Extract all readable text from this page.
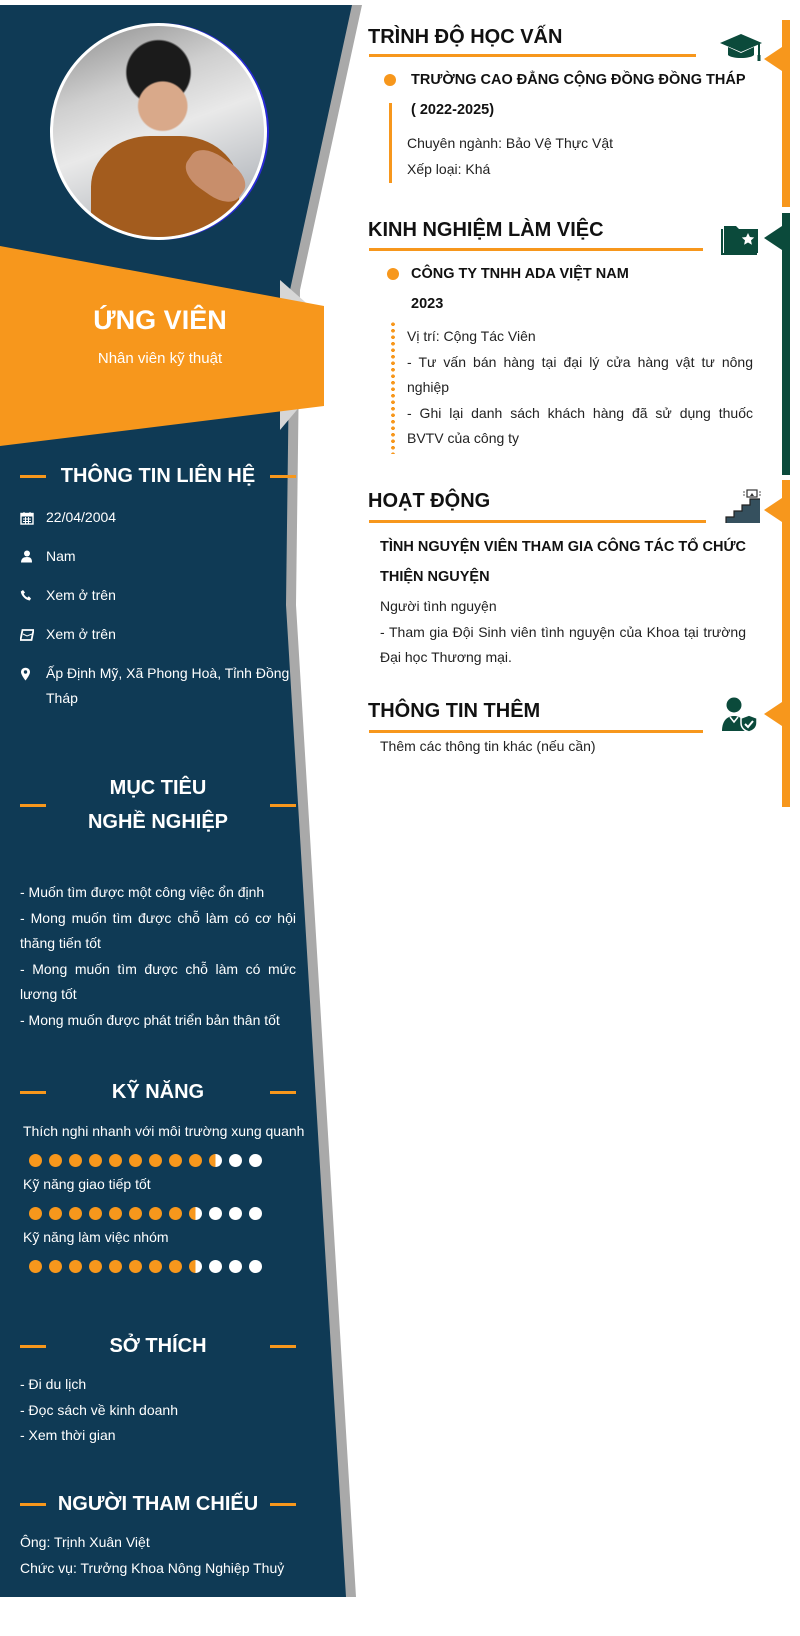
ỨNG VIÊN
Nhân viên kỹ thuật
THÔNG TIN LIÊN HỆ
22/04/2004
Nam
Xem ở trên
Xem ở trên
Ấp Định Mỹ, Xã Phong Hoà, Tỉnh Đồng Tháp
MỤC TIÊU NGHỀ NGHIỆP
- Muốn tìm được một công việc ổn định
- Mong muốn tìm được chỗ làm có cơ hội thăng tiến tốt
- Mong muốn tìm được chỗ làm có mức lương tốt
- Mong muốn được phát triển bản thân tốt
KỸ NĂNG
Thích nghi nhanh với môi trường xung quanh
Kỹ năng giao tiếp tốt
Kỹ năng làm việc nhóm
SỞ THÍCH
- Đi du lịch
- Đọc sách về kinh doanh
- Xem thời gian
NGƯỜI THAM CHIẾU
Ông: Trịnh Xuân Việt
Chức vụ: Trưởng Khoa Nông Nghiệp Thuỷ
TRÌNH ĐỘ HỌC VẤN
TRƯỜNG CAO ĐẲNG CỘNG ĐỒNG ĐỒNG THÁP
( 2022-2025)
Chuyên ngành: Bảo Vệ Thực Vật
Xếp loại: Khá
KINH NGHIỆM LÀM VIỆC
CÔNG TY TNHH ADA VIỆT NAM
2023
Vị trí: Cộng Tác Viên
- Tư vấn bán hàng tại đại lý cửa hàng vật tư nông nghiệp
- Ghi lại danh sách khách hàng đã sử dụng thuốc BVTV của công ty
HOẠT ĐỘNG
TÌNH NGUYỆN VIÊN THAM GIA CÔNG TÁC TỔ CHỨC THIỆN NGUYỆN
Người tình nguyện
- Tham gia Đội Sinh viên tình nguyện của Khoa tại trường Đại học Thương mại.
THÔNG TIN THÊM
Thêm các thông tin khác (nếu cần)
